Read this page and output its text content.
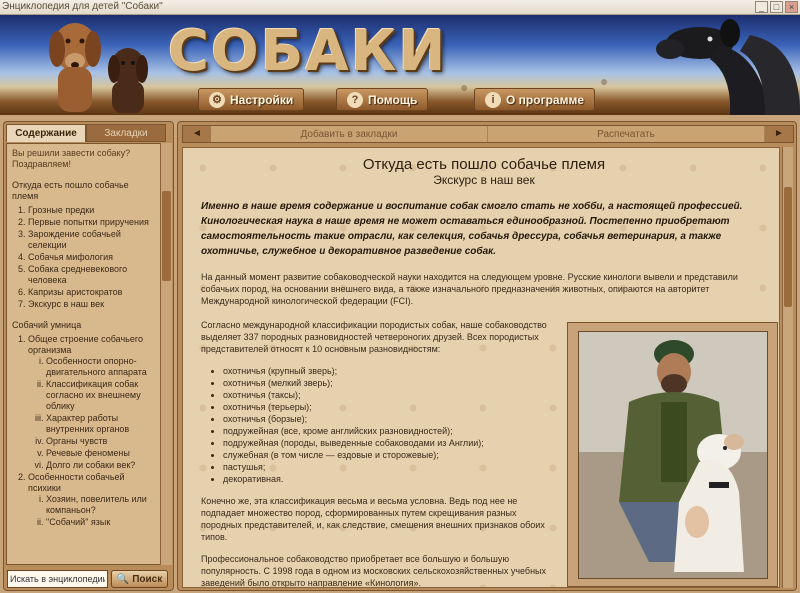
Энциклопедия для детей "Собаки"	_	□	×
●	●
СОБАКИ
⚙ Настройки	? Помощь	i О программе
Содержание	Закладки
Вы решили завести собаку? Поздравляем!
Откуда есть пошло собачье племя
1. Грозные предки
2. Первые попытки приручения
3. Зарождение собачьей селекции
4. Собачья мифология
5. Собака средневекового человека
6. Капризы аристократов
7. Экскурс в наш век
Собачий умница
1. Общее строение собачьего организма
i. Особенности опорно-двигательного аппарата
ii. Классификация собак согласно их внешнему облику
iii. Характер работы внутренних органов
iv. Органы чувств
v. Речевые феномены
vi. Долго ли собаки век?
2. Особенности собачьей психики
i. Хозяин, повелитель или компаньон?
ii. "Собачий" язык
Искать в энциклопедии
🔍 Поиск
◄	Добавить в закладки	Распечатать	►
Откуда есть пошло собачье племя
Экскурс в наш век
Именно в наше время содержание и воспитание собак смогло стать не хобби, а настоящей профессией. Кинологическая наука в наше время не может оставаться единообразной. Постепенно приобретают самостоятельность такие отрасли, как селекция, собачья дрессура, собачья ветеринария, а также охотничье, служебное и декоративное разведение собак.
На данный момент развитие собаководческой науки находится на следующем уровне. Русские кинологи вывели и представили собачьих пород, на основании внешнего вида, а также изначального предназначения животных, опираются на авторитет Международной кинологической федерации (FCI).
Согласно международной классификации породистых собак, наше собаководство выделяет 337 породных разновидностей четвероногих друзей. Всех породистых представителей относят к 10 основным разновидностям:
• охотничья (крупный зверь);
• охотничья (мелкий зверь);
• охотничья (таксы);
• охотничья (терьеры);
• охотничья (борзые);
• подружейная (все, кроме английских разновидностей);
• подружейная (породы, выведенные собаководами из Англии);
• служебная (в том числе — ездовые и сторожевые);
• пастушья;
• декоративная.
Конечно же, эта классификация весьма и весьма условна. Ведь под нее не подпадает множество пород, сформированных путем скрещивания разных породных представителей, и, как следствие, смешения внешних признаков обоих типов.
Профессиональное собаководство приобретает все большую и большую популярность. С 1998 года в одном из московских сельскохозяйственных учебных заведений было открыто направление «Кинология».
